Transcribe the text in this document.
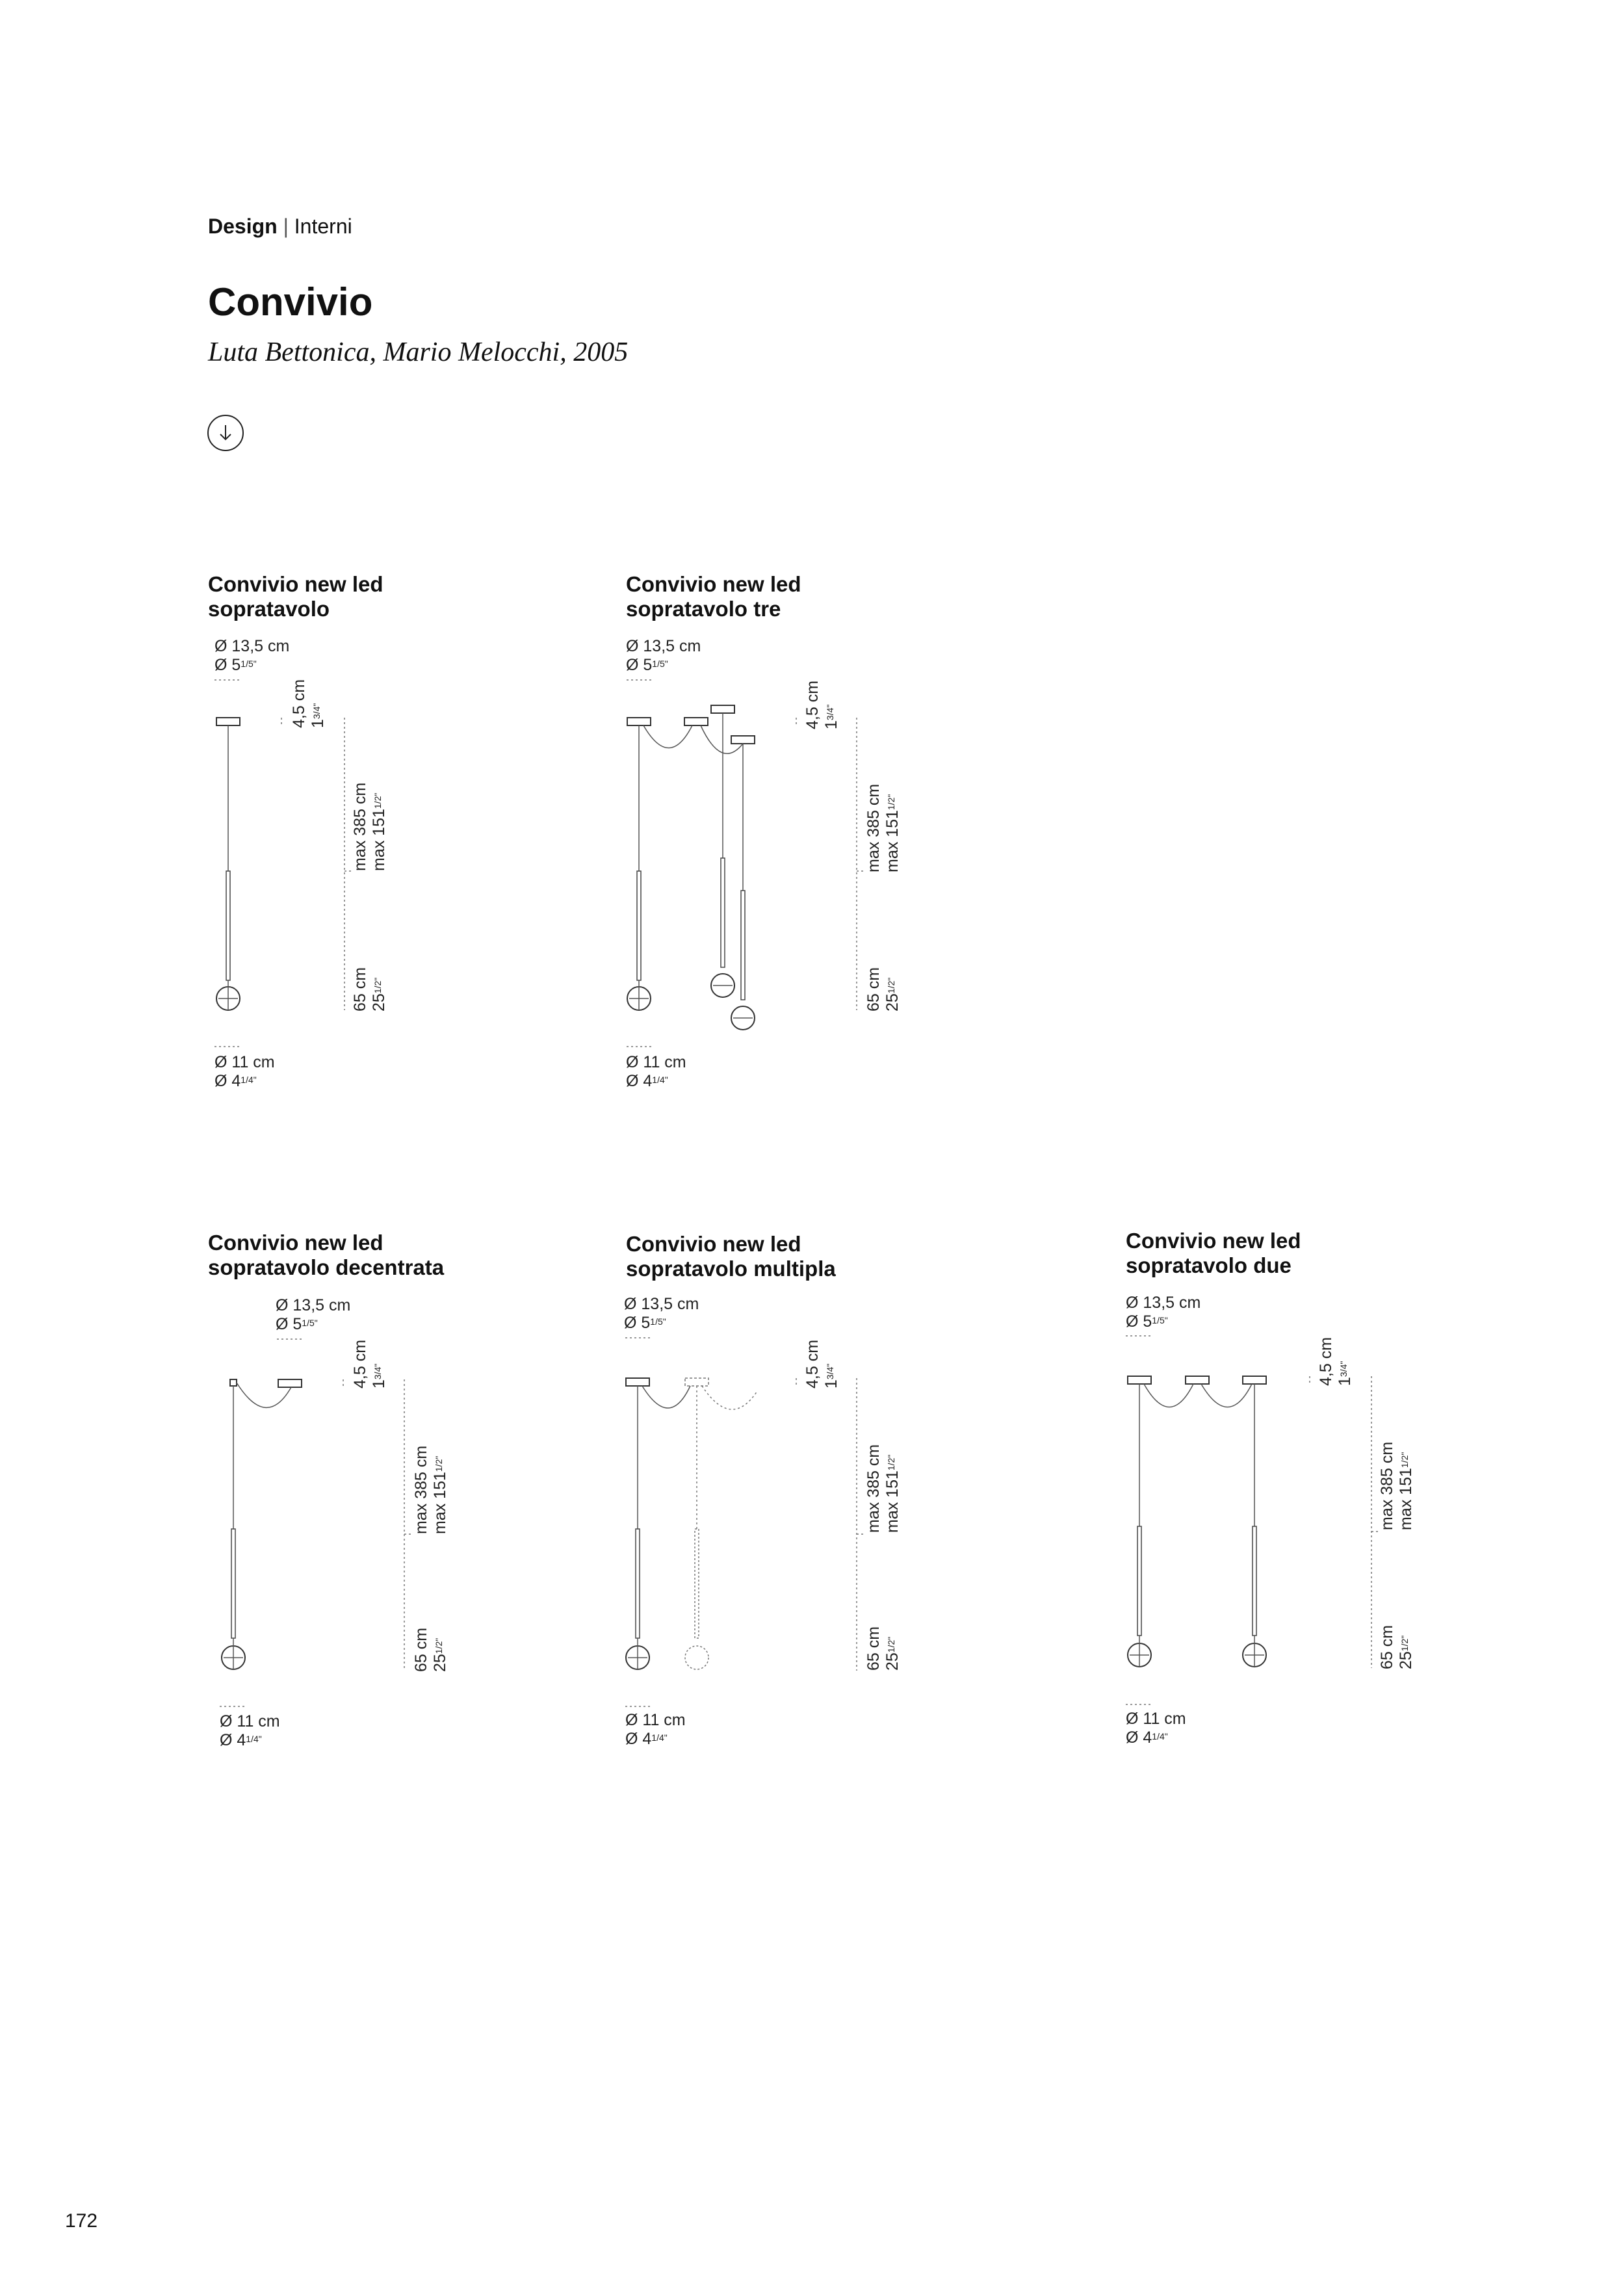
Design | Interni
Convivio
Luta Bettonica, Mario Melocchi, 2005
Convivio new led
sopratavolo
Ø 13,5 cm
Ø $5^{1/5"}$
4,5 cm $1^{3/4"}$
max 385 cm $\max 151^{1/2"}$
65 cm $25^{1/2"}$
Ø 11 cm
Ø $4^{1/4"}$
Convivio new led
sopratavolo tre
Ø 13,5 cm
Ø $5^{1/5"}$
4,5 cm $1^{3/4"}$
max 385 cm $\max 151^{1/2"}$
65 cm $25^{1/2"}$
Ø 11 cm
Ø $4^{1/4"}$
Convivio new led
sopratavolo decentrata
Ø 13,5 cm
Ø $5^{1/5"}$
4,5 cm $1^{3/4"}$
max 385 cm $\max 151^{1/2"}$
65 cm $25^{1/2"}$
Ø 11 cm
Ø $4^{1/4"}$
Convivio new led
sopratavolo multipla
Ø 13,5 cm
Ø $5^{1/5"}$
4,5 cm $1^{3/4"}$
max 385 cm $\max 151^{1/2"}$
65 cm $25^{1/2"}$
Ø 11 cm
Ø $4^{1/4"}$
Convivio new led
sopratavolo due
Ø 13,5 cm
Ø $5^{1/5"}$
4,5 cm $1^{3/4"}$
max 385 cm $\max 151^{1/2"}$
65 cm $25^{1/2"}$
Ø 11 cm
Ø $4^{1/4"}$
172
